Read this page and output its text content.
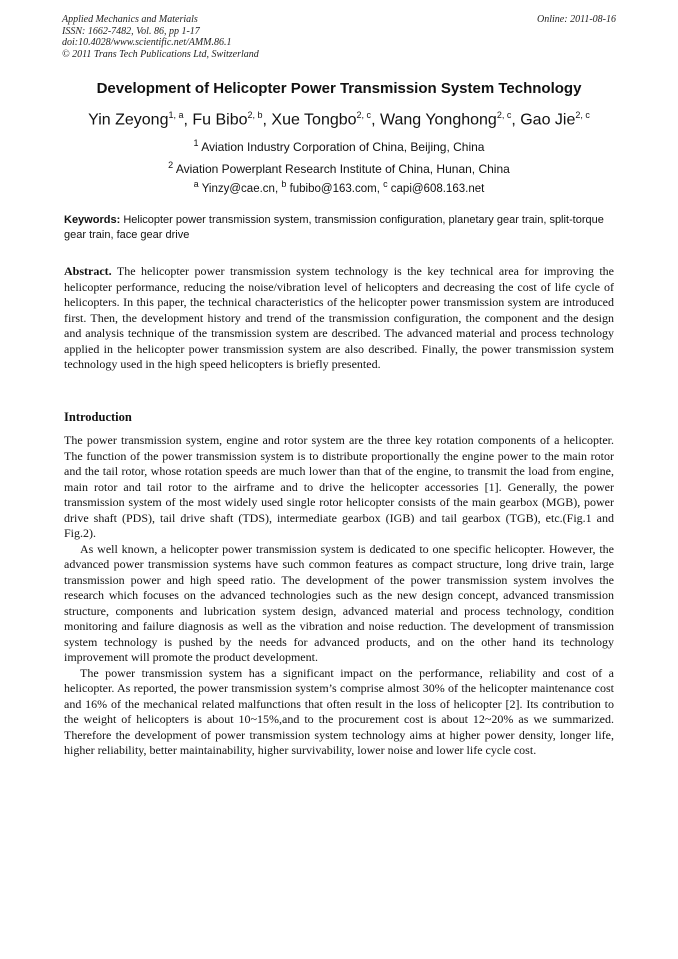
Applied Mechanics and Materials
ISSN: 1662-7482, Vol. 86, pp 1-17
doi:10.4028/www.scientific.net/AMM.86.1
© 2011 Trans Tech Publications Ltd, Switzerland
Online: 2011-08-16
Development of Helicopter Power Transmission System Technology
Yin Zeyong$^{1, a}$, Fu Bibo$^{2, b}$, Xue Tongbo$^{2, c}$, Wang Yonghong$^{2, c}$, Gao Jie$^{2, c}$
$^1$ Aviation Industry Corporation of China, Beijing, China
$^2$ Aviation Powerplant Research Institute of China, Hunan, China
$^a$ Yinzy@cae.cn, $^b$ fubibo@163.com, $^c$ capi@608.163.net
Keywords: Helicopter power transmission system, transmission configuration, planetary gear train, split-torque gear train, face gear drive
Abstract. The helicopter power transmission system technology is the key technical area for improving the helicopter performance, reducing the noise/vibration level of helicopters and decreasing the cost of life cycle of helicopters. In this paper, the technical characteristics of the helicopter power transmission system are introduced first. Then, the development history and trend of the transmission configuration, the component and the design and analysis technique of the transmission system are described. The advanced material and process technology applied in the helicopter power transmission system are also described. Finally, the power transmission system technology used in the high speed helicopters is briefly presented.
Introduction

The power transmission system, engine and rotor system are the three key rotation components of a helicopter. The function of the power transmission system is to distribute proportionally the engine power to the main rotor and the tail rotor, whose rotation speeds are much lower than that of the engine, to transmit the load from engine, main rotor and tail rotor to the airframe and to drive the helicopter accessories [1]. Generally, the power transmission system of the most widely used single rotor helicopter consists of the main gearbox (MGB), power drive shaft (PDS), tail drive shaft (TDS), intermediate gearbox (IGB) and tail gearbox (TGB), etc.(Fig.1 and Fig.2).

As well known, a helicopter power transmission system is dedicated to one specific helicopter. However, the advanced power transmission systems have such common features as compact structure, long drive train, large transmission power and high speed ratio. The development of the power transmission system involves the research which focuses on the advanced technologies such as the new design concept, advanced transmission structure, components and lubrication system design, advanced material and process technology, condition monitoring and failure diagnosis as well as the vibration and noise reduction. The development of transmission system technology is pushed by the needs for advanced products, and on the other hand its technology improvement will promote the product development.

The power transmission system has a significant impact on the performance, reliability and cost of a helicopter. As reported, the power transmission system’s comprise almost 30% of the helicopter maintenance cost and 16% of the mechanical related malfunctions that often result in the loss of helicopter [2]. Its contribution to the weight of helicopters is about 10~15%,and to the procurement cost is about 12~20% as we summarized. Therefore the development of power transmission system technology aims at higher power density, longer life, higher reliability, better maintainability, higher survivability, lower noise and lower life cycle cost.
